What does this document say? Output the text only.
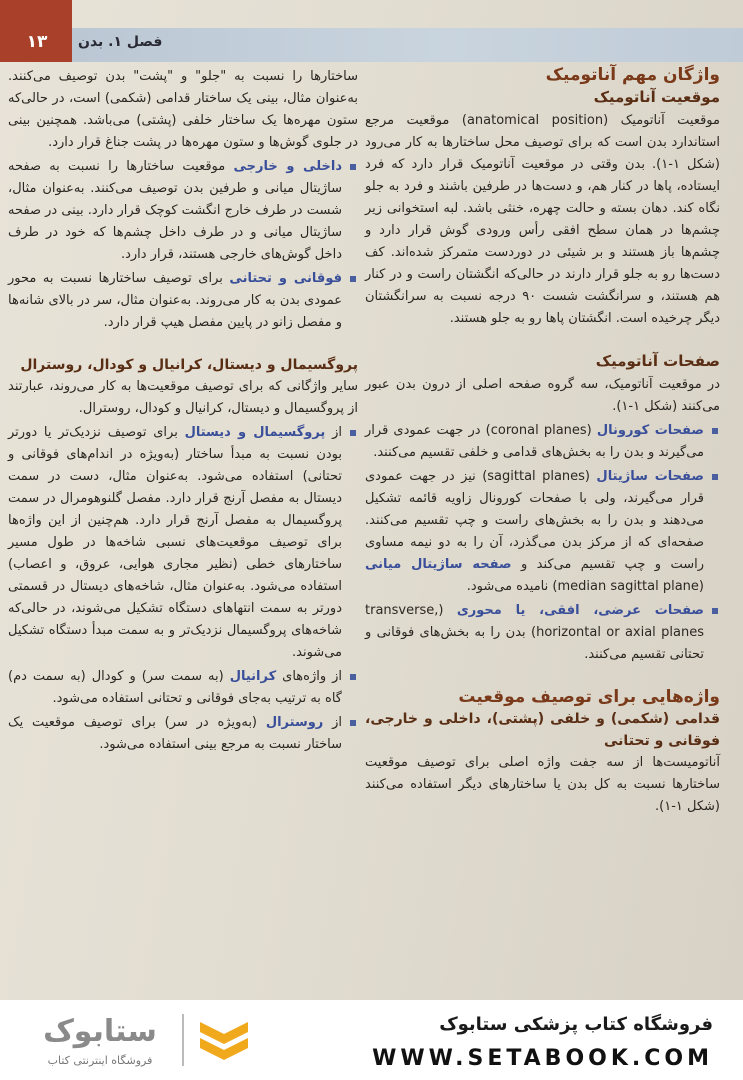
۱۳	فصل ۱. بدن

ساختارها را نسبت به "جلو" و "پشت" بدن توصیف می‌کنند. به‌عنوان مثال، بینی یک ساختار قدامی (شکمی) است، در حالی‌که ستون مهره‌ها یک ساختار خلفی (پشتی) می‌باشد. همچنین بینی در جلوی گوش‌ها و ستون مهره‌ها در پشت جناغ قرار دارد.

داخلی و خارجی موقعیت ساختارها را نسبت به صفحه ساژیتال میانی و طرفین بدن توصیف می‌کنند. به‌عنوان مثال، شست در طرف خارج انگشت کوچک قرار دارد. بینی در صفحه ساژیتال میانی و در طرف داخل چشم‌ها که خود در طرف داخل گوش‌های خارجی هستند، قرار دارد.
فوقانی و تحتانی برای توصیف ساختارها نسبت به محور عمودی بدن به کار می‌روند. به‌عنوان مثال، سر در بالای شانه‌ها و مفصل زانو در پایین مفصل هیپ قرار دارد.
پروگسیمال و دیستال، کرانیال و کودال، روسترال

سایر واژگانی که برای توصیف موقعیت‌ها به کار می‌روند، عبارتند از پروگسیمال و دیستال، کرانیال و کودال، روسترال.

از پروگسیمال و دیستال برای توصیف نزدیک‌تر یا دورتر بودن نسبت به مبدأ ساختار (به‌ویژه در اندام‌های فوقانی و تحتانی) استفاده می‌شود. به‌عنوان مثال، دست در سمت دیستال به مفصل آرنج قرار دارد. مفصل گلنوهومرال در سمت پروگسیمال به مفصل آرنج قرار دارد. هم‌چنین از این واژه‌ها برای توصیف موقعیت‌های نسبی شاخه‌ها در طول مسیر ساختارهای خطی (نظیر مجاری هوایی، عروق، و اعصاب) استفاده می‌شود. به‌عنوان مثال، شاخه‌های دیستال در قسمتی دورتر به سمت انتهاهای دستگاه تشکیل می‌شوند، در حالی‌که شاخه‌های پروگسیمال نزدیک‌تر و به سمت مبدأ دستگاه تشکیل می‌شوند.
از واژه‌های کرانیال (به سمت سر) و کودال (به سمت دم) گاه به ترتیب به‌جای فوقانی و تحتانی استفاده می‌شود.
از روسترال (به‌ویژه در سر) برای توصیف موقعیت یک ساختار نسبت به مرجع بینی استفاده می‌شود.
واژگان مهم آناتومیک
موقعیت آناتومیک

موقعیت آناتومیک (anatomical position) موقعیت مرجع استاندارد بدن است که برای توصیف محل ساختارها به کار می‌رود (شکل ۱-۱). بدن وقتی در موقعیت آناتومیک قرار دارد که فرد ایستاده، پاها در کنار هم، و دست‌ها در طرفین باشند و فرد به جلو نگاه کند. دهان بسته و حالت چهره، خنثی باشد. لبه استخوانی زیر چشم‌ها در همان سطح افقی رأس ورودی گوش قرار دارد و چشم‌ها باز هستند و بر شیئی در دوردست متمرکز شده‌اند. کف دست‌ها رو به جلو قرار دارند در حالی‌که انگشتان راست و در کنار هم هستند، و سرانگشت شست ۹۰ درجه نسبت به سرانگشتان دیگر چرخیده است. انگشتان پاها رو به جلو هستند.

صفحات آناتومیک

در موقعیت آناتومیک، سه گروه صفحه اصلی از درون بدن عبور می‌کنند (شکل ۱-۱).

صفحات کورونال (coronal planes) در جهت عمودی قرار می‌گیرند و بدن را به بخش‌های قدامی و خلفی تقسیم می‌کنند.
صفحات ساژیتال (sagittal planes) نیز در جهت عمودی قرار می‌گیرند، ولی با صفحات کورونال زاویه قائمه تشکیل می‌دهند و بدن را به بخش‌های راست و چپ تقسیم می‌کنند. صفحه‌ای که از مرکز بدن می‌گذرد، آن را به دو نیمه مساوی راست و چپ تقسیم می‌کند و صفحه ساژیتال میانی (median sagittal plane) نامیده می‌شود.
صفحات عرضی، افقی، یا محوری (transverse, horizontal or axial planes) بدن را به بخش‌های فوقانی و تحتانی تقسیم می‌کنند.
واژه‌هایی برای توصیف موقعیت
قدامی (شکمی) و خلفی (پشتی)، داخلی و خارجی، فوقانی و تحتانی

آناتومیست‌ها از سه جفت واژه اصلی برای توصیف موقعیت ساختارها نسبت به کل بدن یا ساختارهای دیگر استفاده می‌کنند (شکل ۱-۱).

ستابوک
فروشگاه اینترنتی کتاب
فروشگاه کتاب پزشکی ستابوک
WWW.SETABOOK.COM
